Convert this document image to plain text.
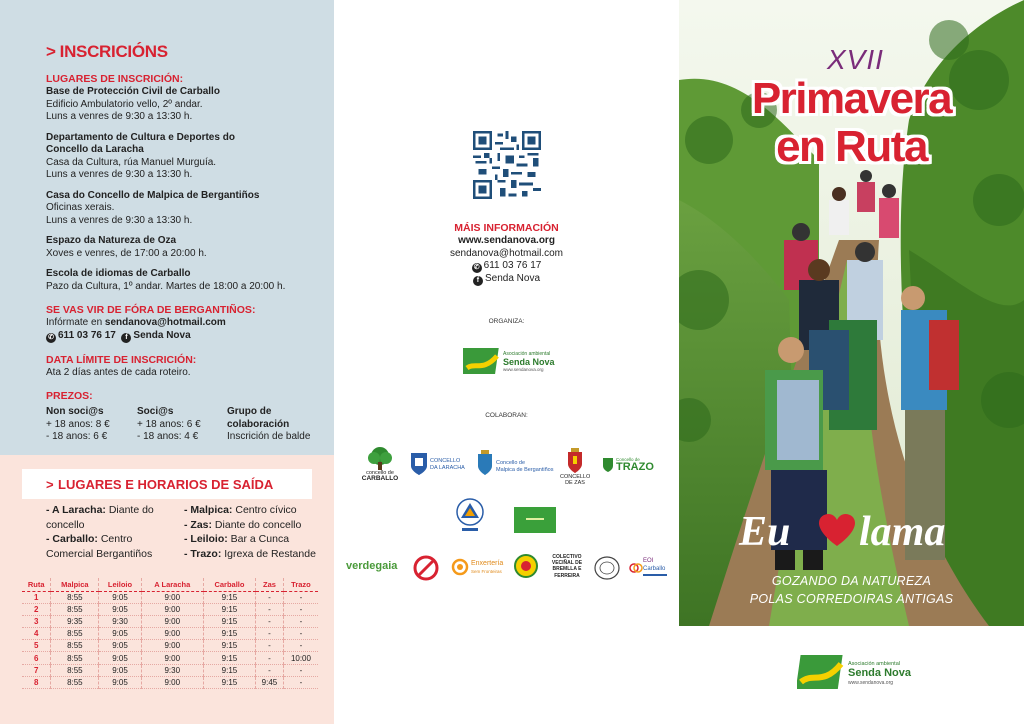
> INSCRICIÓNS
LUGARES DE INSCRICIÓN:
Base de Protección Civil de Carballo
Edificio Ambulatorio vello, 2º andar.
Luns a venres de 9:30 a 13:30 h.
Departamento de Cultura e Deportes do
Concello da Laracha
Casa da Cultura, rúa Manuel Murguía.
Luns a venres de 9:30 a 13:30 h.
Casa do Concello de Malpica de Bergantiños
Oficinas xerais.
Luns a venres de 9:30 a 13:30 h.
Espazo da Natureza de Oza
Xoves e venres, de 17:00 a 20:00 h.
Escola de idiomas de Carballo
Pazo da Cultura, 1º andar. Martes de 18:00 a 20:00 h.
SE VAS VIR DE FÓRA DE BERGANTIÑOS:
Infórmate en sendanova@hotmail.com
✆ 611 03 76 17 f Senda Nova
DATA LÍMITE DE INSCRICIÓN:
Ata 2 días antes de cada roteiro.
PREZOS:
Non soci@s
+ 18 anos: 8 €
- 18 anos: 6 €
Soci@s
+ 18 anos: 6 €
- 18 anos: 4 €
Grupo de
colaboración
Inscrición de balde
> LUGARES E HORARIOS DE SAÍDA
- A Laracha: Diante do
concello
- Carballo: Centro
Comercial Bergantiños
- Malpica: Centro cívico
- Zas: Diante do concello
- Leiloio: Bar a Cunca
- Trazo: Igrexa de Restande
Ruta	Malpica	Leiloio	A Laracha	Carballo	Zas	Trazo
1	8:55	9:05	9:00	9:15	-	-
2	8:55	9:05	9:00	9:15	-	-
3	9:35	9:30	9:00	9:15	-	-
4	8:55	9:05	9:00	9:15	-	-
5	8:55	9:05	9:00	9:15	-	-
6	8:55	9:05	9:00	9:15	-	10:00
7	8:55	9:05	9:30	9:15	-	-
8	8:55	9:05	9:00	9:15	9:45	-
MÁIS INFORMACIÓN
www.sendanova.org
sendanova@hotmail.com
✆ 611 03 76 17
f Senda Nova
ORGANIZA:
Asociación ambiental
Senda Nova
www.sendanova.org
COLABORAN:
concello de
CARBALLO
CONCELLO
DA LARACHA
Concello de
Malpica de Bergantiños
CONCELLO
DE ZAS
Concello de
TRAZO
verdegaia	Enxertería
Sem Fronteiras
COLECTIVO
VECIÑAL DE
BREMLLA E
FERREIRA
EOI
Carballo
XVII
Primavera
en Ruta
Eu lama
GOZANDO DA NATUREZA
POLAS CORREDOIRAS ANTIGAS
Asociación ambiental
Senda Nova
www.sendanova.org
